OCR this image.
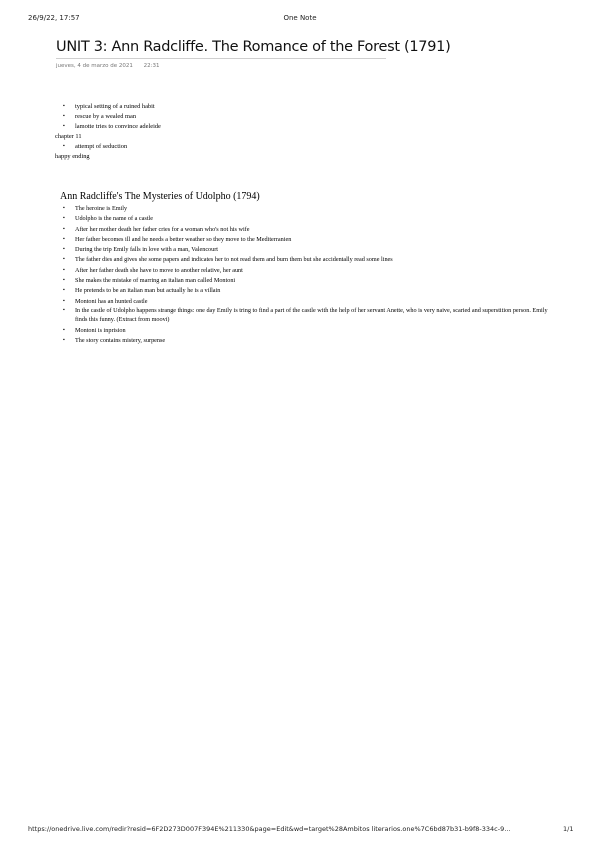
26/9/22, 17:57	One Note
UNIT 3: Ann Radcliffe. The Romance of the Forest (1791)
jueves, 4 de marzo de 2021 22:31
▪ typical setting of a ruined habit
▪ rescue by a wealed man
▪ lamotte tries to convince adeleide
chapter 11
▪ attempt of seduction
happy ending
Ann Radcliffe's The Mysteries of Udolpho (1794)
▪ The heroine is Emily
▪ Udolpho is the name of a castle
▪ After her mother death her father cries for a woman who's not his wife
▪ Her father becomes ill and he needs a better weather so they move to the Mediterranien
▪ During the trip Emily falls in love with a man, Valencourt
▪ The father dies and gives she some papers and indicates her to not read them and burn them but she accidentally read some lines
▪ After her father death she have to move to another relative, her aunt
▪ She makes the mistake of marring an italian man called Montoni
▪ He pretends to be an italian man but actually he is a villain
▪ Montoni has an hunted castle
▪ In the castle of Udolpho happens strange things: one day Emily is tring to find a part of the castle with the help of her servant Anette, who is very naive, scaried and superstition person. Emily finds this funny. (Extract from moovi)
▪ Montoni is inprision
▪ The story contains mistery, surpense
https://onedrive.live.com/redir?resid=6F2D273D007F394E%211330&page=Edit&wd=target%28Ambitos literarios.one%7C6bd87b31-b9f8-334c-9…	1/1
